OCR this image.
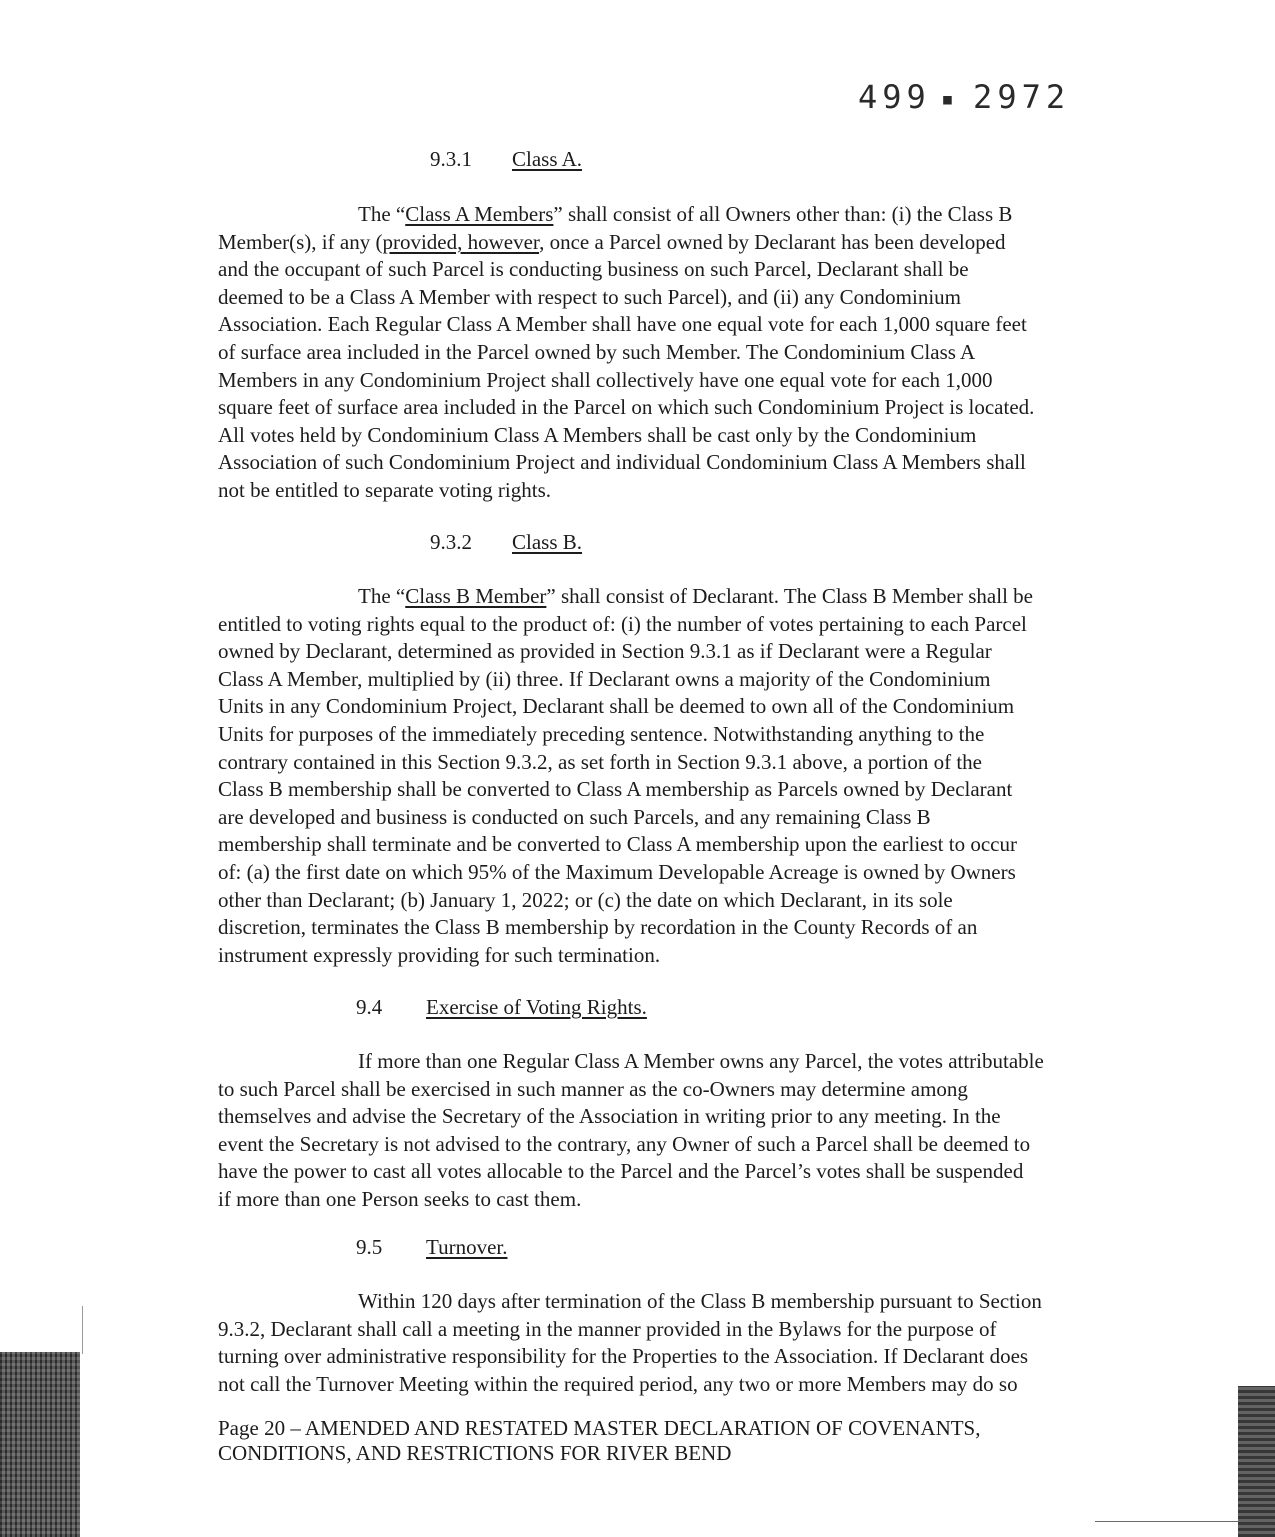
499 ▪ 2972
9.3.1 Class A.
The “Class A Members” shall consist of all Owners other than: (i) the Class B
Member(s), if any (provided, however, once a Parcel owned by Declarant has been developed
and the occupant of such Parcel is conducting business on such Parcel, Declarant shall be
deemed to be a Class A Member with respect to such Parcel), and (ii) any Condominium
Association. Each Regular Class A Member shall have one equal vote for each 1,000 square feet
of surface area included in the Parcel owned by such Member. The Condominium Class A
Members in any Condominium Project shall collectively have one equal vote for each 1,000
square feet of surface area included in the Parcel on which such Condominium Project is located.
All votes held by Condominium Class A Members shall be cast only by the Condominium
Association of such Condominium Project and individual Condominium Class A Members shall
not be entitled to separate voting rights.
9.3.2 Class B.
The “Class B Member” shall consist of Declarant. The Class B Member shall be
entitled to voting rights equal to the product of: (i) the number of votes pertaining to each Parcel
owned by Declarant, determined as provided in Section 9.3.1 as if Declarant were a Regular
Class A Member, multiplied by (ii) three. If Declarant owns a majority of the Condominium
Units in any Condominium Project, Declarant shall be deemed to own all of the Condominium
Units for purposes of the immediately preceding sentence. Notwithstanding anything to the
contrary contained in this Section 9.3.2, as set forth in Section 9.3.1 above, a portion of the
Class B membership shall be converted to Class A membership as Parcels owned by Declarant
are developed and business is conducted on such Parcels, and any remaining Class B
membership shall terminate and be converted to Class A membership upon the earliest to occur
of: (a) the first date on which 95% of the Maximum Developable Acreage is owned by Owners
other than Declarant; (b) January 1, 2022; or (c) the date on which Declarant, in its sole
discretion, terminates the Class B membership by recordation in the County Records of an
instrument expressly providing for such termination.
9.4 Exercise of Voting Rights.
If more than one Regular Class A Member owns any Parcel, the votes attributable
to such Parcel shall be exercised in such manner as the co-Owners may determine among
themselves and advise the Secretary of the Association in writing prior to any meeting. In the
event the Secretary is not advised to the contrary, any Owner of such a Parcel shall be deemed to
have the power to cast all votes allocable to the Parcel and the Parcel’s votes shall be suspended
if more than one Person seeks to cast them.
9.5 Turnover.
Within 120 days after termination of the Class B membership pursuant to Section
9.3.2, Declarant shall call a meeting in the manner provided in the Bylaws for the purpose of
turning over administrative responsibility for the Properties to the Association. If Declarant does
not call the Turnover Meeting within the required period, any two or more Members may do so
Page 20 – AMENDED AND RESTATED MASTER DECLARATION OF COVENANTS,
CONDITIONS, AND RESTRICTIONS FOR RIVER BEND
